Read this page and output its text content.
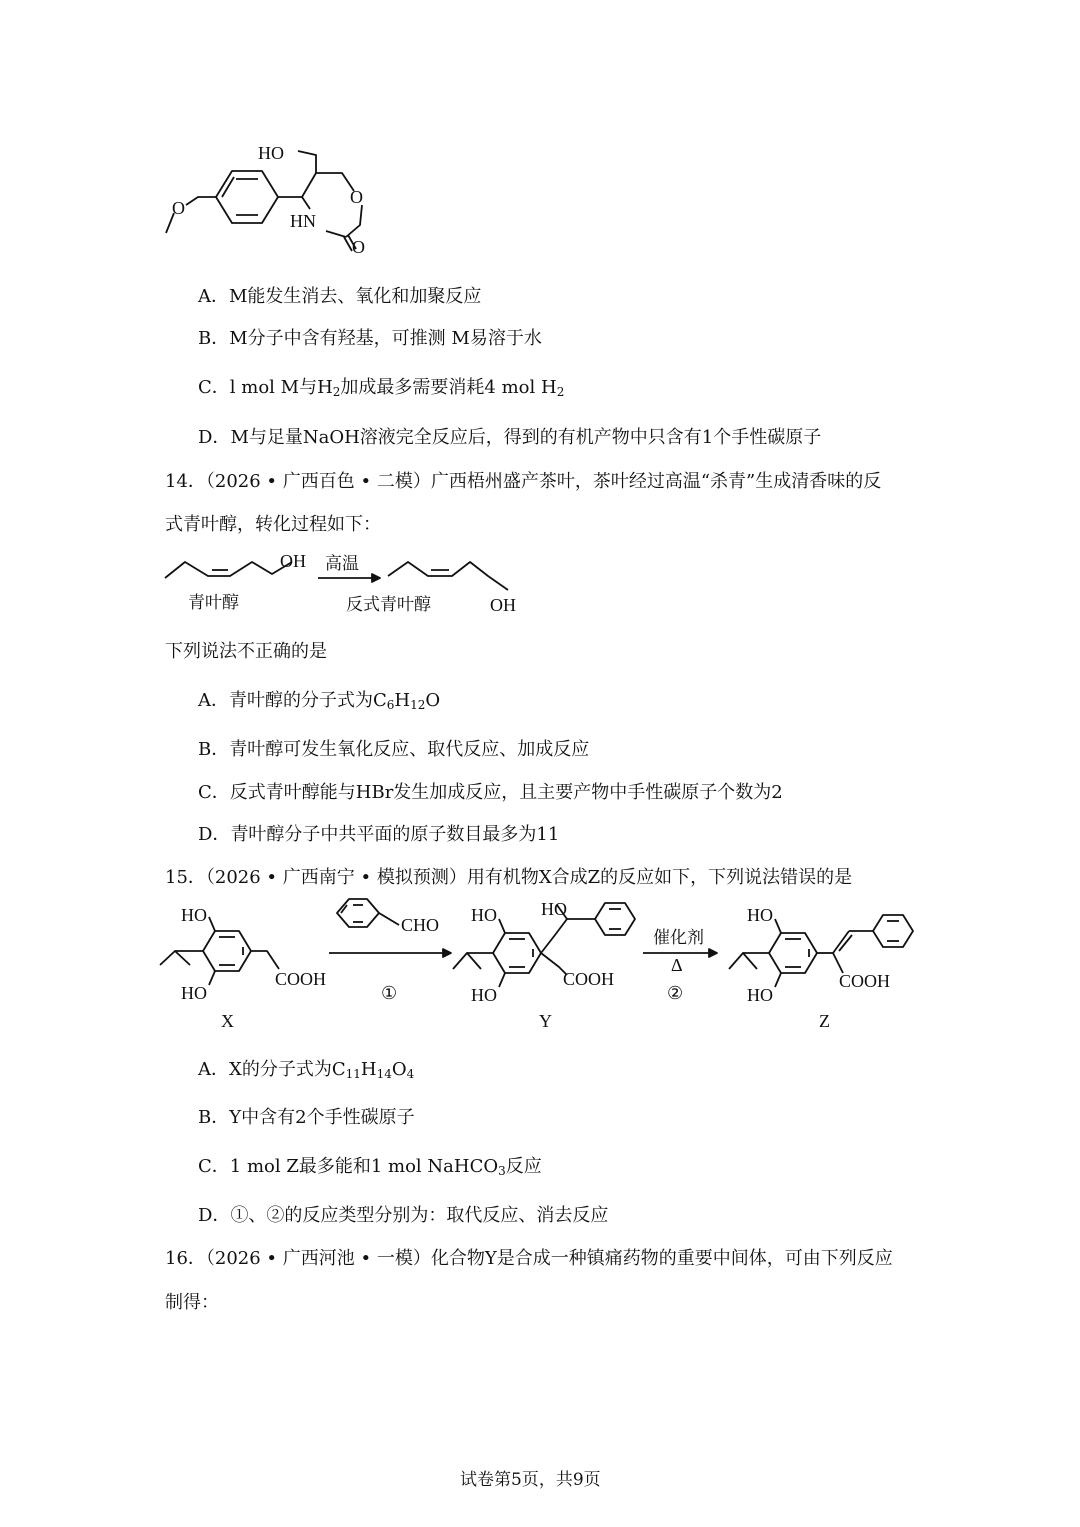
O
HO
O
HN
O
A．M能发生消去、氧化和加聚反应
B．M分子中含有羟基，可推测 M易溶于水
C．l mol M与$H_2$加成最多需要消耗4 mol $H_2$
D．M与足量NaOH溶液完全反应后，得到的有机产物中只含有1个手性碳原子
14．（2026 • 广西百色 • 二模）广西梧州盛产茶叶，茶叶经过高温“杀青”生成清香味的反
式青叶醇，转化过程如下：
OH
青叶醇
高温
OH
反式青叶醇
下列说法不正确的是
A．青叶醇的分子式为$C_6H_{12}O$
B．青叶醇可发生氧化反应、取代反应、加成反应
C．反式青叶醇能与HBr发生加成反应，且主要产物中手性碳原子个数为2
D．青叶醇分子中共平面的原子数目最多为11
15．（2026 • 广西南宁 • 模拟预测）用有机物X合成Z的反应如下，下列说法错误的是
HO
HO
COOH
X
CHO
①
HO HO
HO
COOH
Y
催化剂
Δ
②
HO
HO
COOH
Z
A．X的分子式为$C_{11}H_{14}O_4$
B．Y中含有2个手性碳原子
C．1 mol Z最多能和1 mol NaHCO$_3$反应
D．①、②的反应类型分别为：取代反应、消去反应
16．（2026 • 广西河池 • 一模）化合物Y是合成一种镇痛药物的重要中间体，可由下列反应
制得：
试卷第5页，共9页
